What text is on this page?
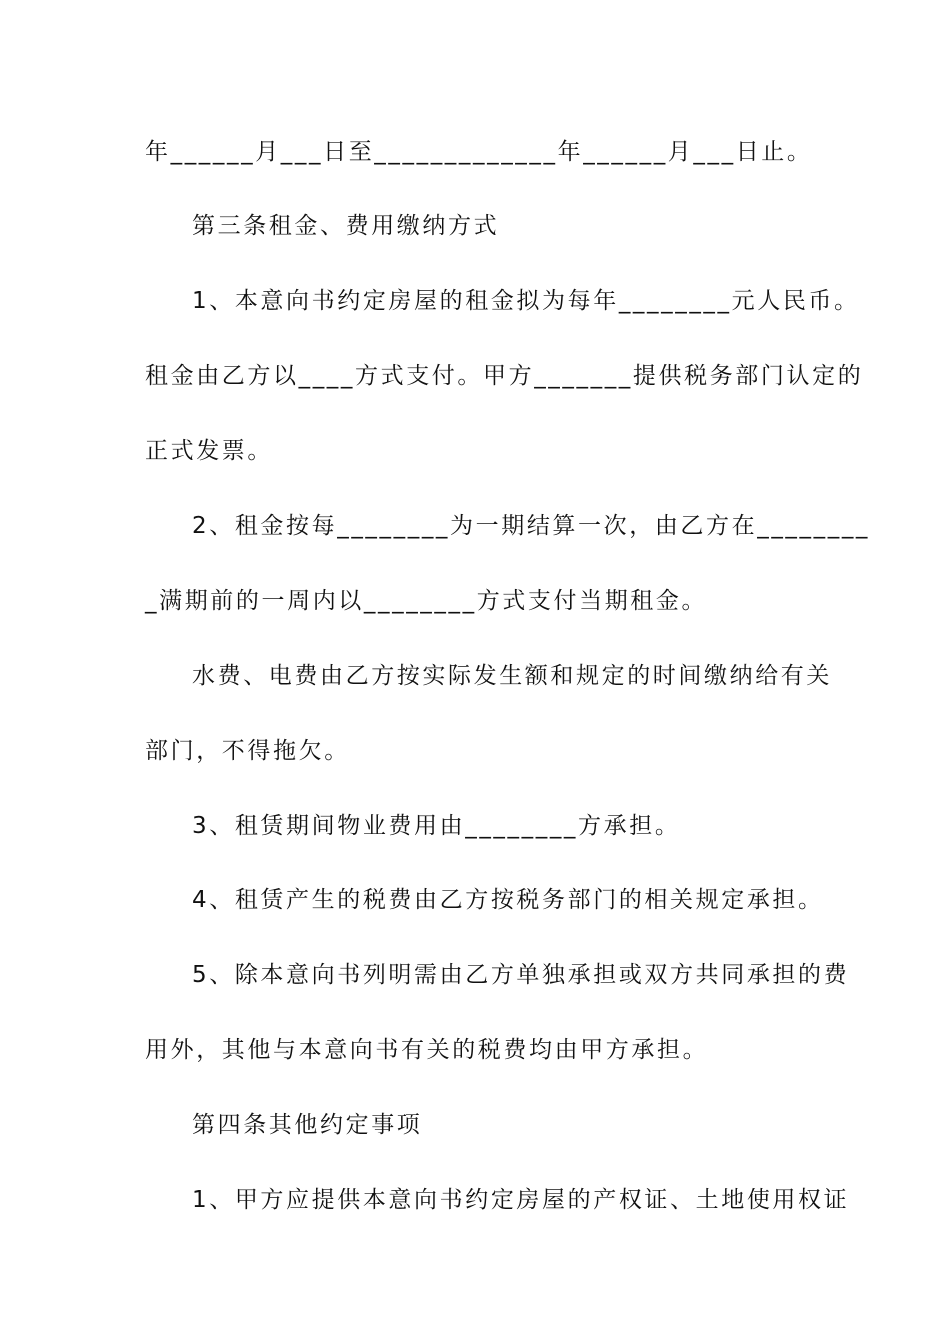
年______月___日至_____________年______月___日止。
第三条租金、费用缴纳方式
1、本意向书约定房屋的租金拟为每年________元人民币。
租金由乙方以____方式支付。甲方_______提供税务部门认定的
正式发票。
2、租金按每________为一期结算一次，由乙方在________
_满期前的一周内以________方式支付当期租金。
水费、电费由乙方按实际发生额和规定的时间缴纳给有关
部门，不得拖欠。
3、租赁期间物业费用由________方承担。
4、租赁产生的税费由乙方按税务部门的相关规定承担。
5、除本意向书列明需由乙方单独承担或双方共同承担的费
用外，其他与本意向书有关的税费均由甲方承担。
第四条其他约定事项
1、甲方应提供本意向书约定房屋的产权证、土地使用权证
